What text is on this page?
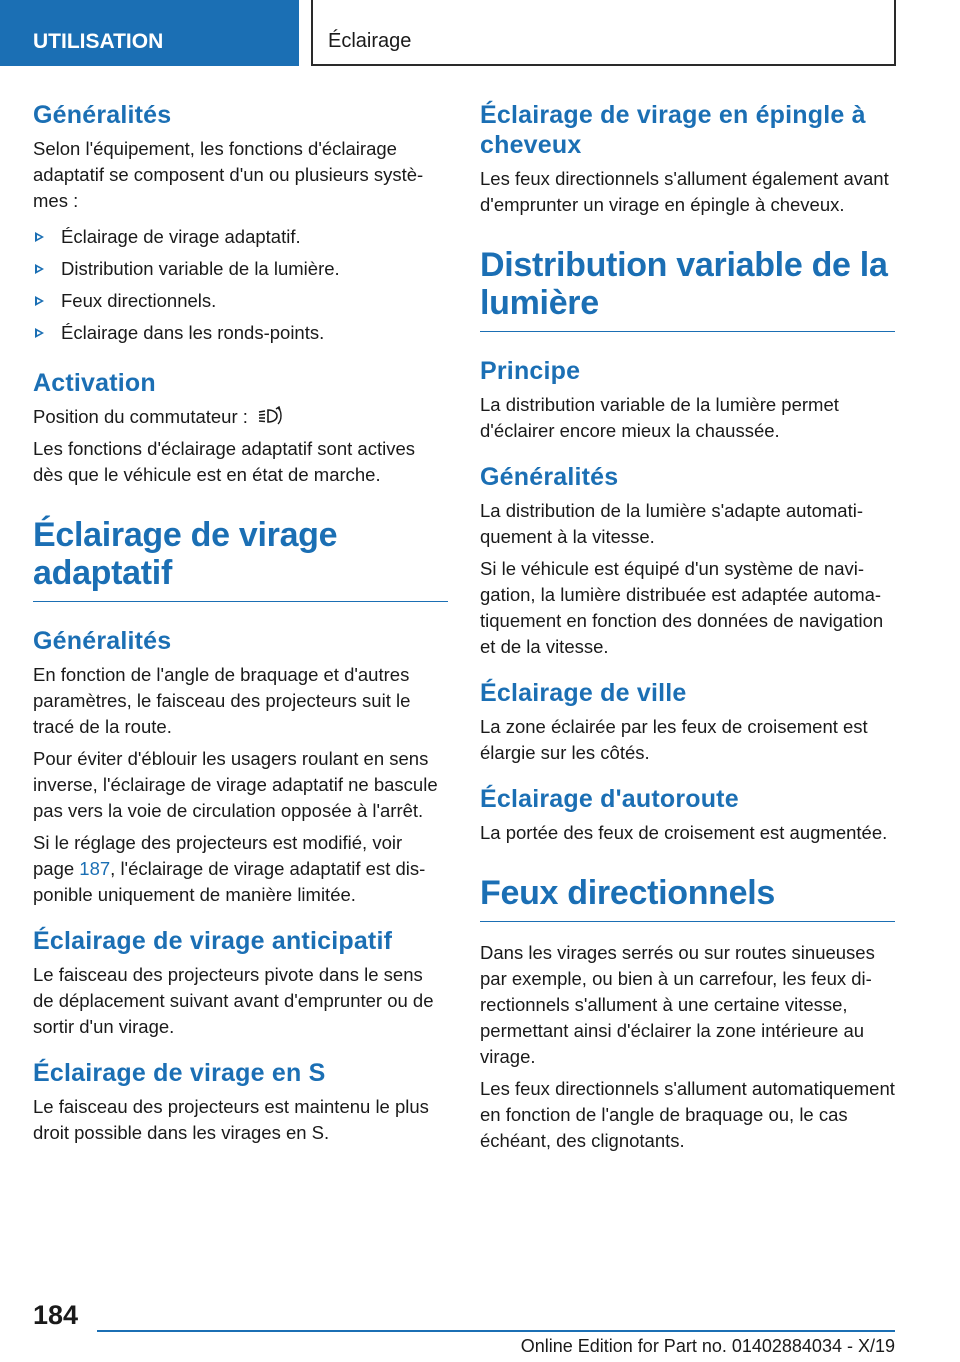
UTILISATION	Éclairage
Généralités
Selon l'équipement, les fonctions d'éclairage adaptatif se composent d'un ou plusieurs systèmes :
Éclairage de virage adaptatif.
Distribution variable de la lumière.
Feux directionnels.
Éclairage dans les ronds-points.
Activation
Position du commutateur :
Les fonctions d'éclairage adaptatif sont actives dès que le véhicule est en état de marche.
Éclairage de virage adaptatif
Généralités
En fonction de l'angle de braquage et d'autres paramètres, le faisceau des projecteurs suit le tracé de la route.
Pour éviter d'éblouir les usagers roulant en sens inverse, l'éclairage de virage adaptatif ne bascule pas vers la voie de circulation opposée à l'arrêt.
Si le réglage des projecteurs est modifié, voir page 187, l'éclairage de virage adaptatif est disponible uniquement de manière limitée.
Éclairage de virage anticipatif
Le faisceau des projecteurs pivote dans le sens de déplacement suivant avant d'emprunter ou de sortir d'un virage.
Éclairage de virage en S
Le faisceau des projecteurs est maintenu le plus droit possible dans les virages en S.
Éclairage de virage en épingle à cheveux
Les feux directionnels s'allument également avant d'emprunter un virage en épingle à cheveux.
Distribution variable de la lumière
Principe
La distribution variable de la lumière permet d'éclairer encore mieux la chaussée.
Généralités
La distribution de la lumière s'adapte automatiquement à la vitesse.
Si le véhicule est équipé d'un système de navigation, la lumière distribuée est adaptée automatiquement en fonction des données de navigation et de la vitesse.
Éclairage de ville
La zone éclairée par les feux de croisement est élargie sur les côtés.
Éclairage d'autoroute
La portée des feux de croisement est augmentée.
Feux directionnels
Dans les virages serrés ou sur routes sinueuses par exemple, ou bien à un carrefour, les feux directionnels s'allument à une certaine vitesse, permettant ainsi d'éclairer la zone intérieure au virage.
Les feux directionnels s'allument automatiquement en fonction de l'angle de braquage ou, le cas échéant, des clignotants.
184
Online Edition for Part no. 01402884034 - X/19
